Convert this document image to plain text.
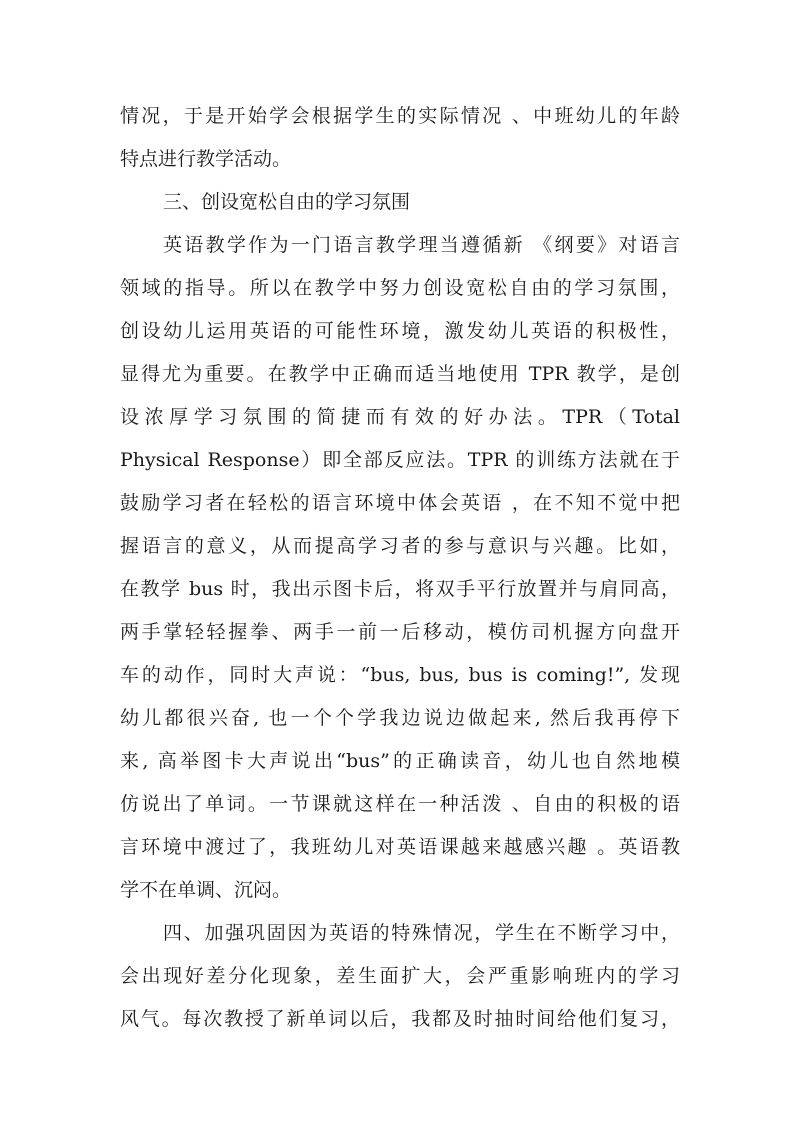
情况，于是开始学会根据学生的实际情况 、中班幼儿的年龄
特点进行教学活动。
三、创设宽松自由的学习氛围
英语教学作为一门语言教学理当遵循新 《纲要》对语言
领域的指导。所以在教学中努力创设宽松自由的学习氛围，
创设幼儿运用英语的可能性环境，激发幼儿英语的积极性，
显得尤为重要。在教学中正确而适当地使用 TPR 教学，是创
设浓厚学习氛围的简捷而有效的好办法。TPR（Total
Physical Response）即全部反应法。TPR 的训练方法就在于
鼓励学习者在轻松的语言环境中体会英语 ，在不知不觉中把
握语言的意义，从而提高学习者的参与意识与兴趣。比如，
在教学 bus 时，我出示图卡后，将双手平行放置并与肩同高，
两手掌轻轻握拳、两手一前一后移动，模仿司机握方向盘开
车的动作，同时大声说：“bus, bus, bus is coming!”, 发现
幼儿都很兴奋, 也一个个学我边说边做起来, 然后我再停下
来, 高举图卡大声说出“bus”的正确读音，幼儿也自然地模
仿说出了单词。一节课就这样在一种活泼 、自由的积极的语
言环境中渡过了，我班幼儿对英语课越来越感兴趣 。英语教
学不在单调、沉闷。
四、加强巩固因为英语的特殊情况，学生在不断学习中，
会出现好差分化现象，差生面扩大，会严重影响班内的学习
风气。每次教授了新单词以后，我都及时抽时间给他们复习，
